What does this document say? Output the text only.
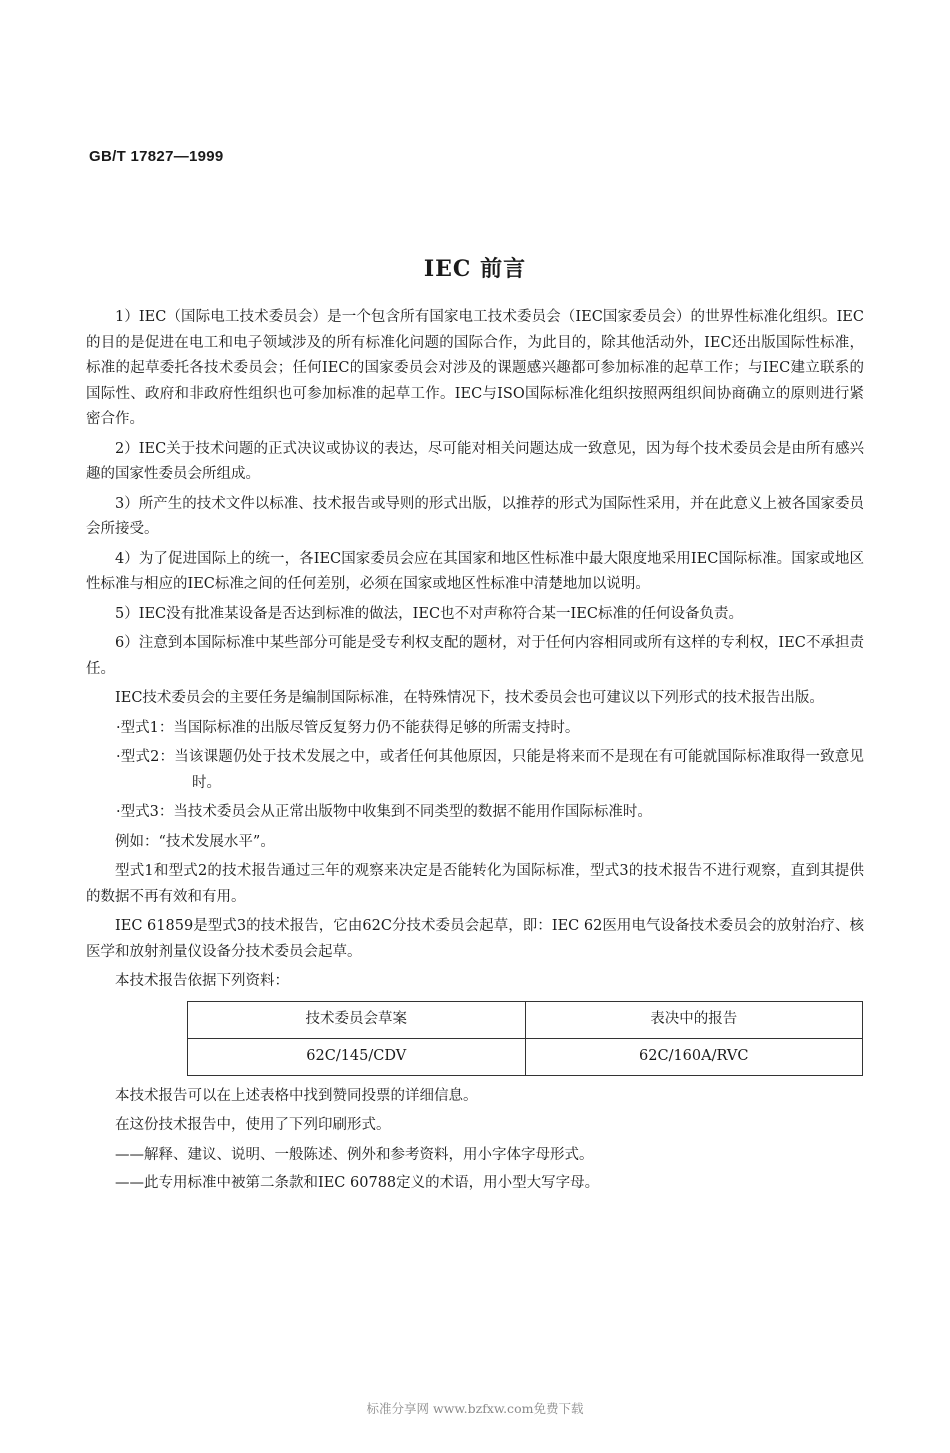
GB/T 17827—1999
IEC 前言

1）IEC（国际电工技术委员会）是一个包含所有国家电工技术委员会（IEC国家委员会）的世界性标准化组织。IEC的目的是促进在电工和电子领域涉及的所有标准化问题的国际合作，为此目的，除其他活动外，IEC还出版国际性标准，标准的起草委托各技术委员会；任何IEC的国家委员会对涉及的课题感兴趣都可参加标准的起草工作；与IEC建立联系的国际性、政府和非政府性组织也可参加标准的起草工作。IEC与ISO国际标准化组织按照两组织间协商确立的原则进行紧密合作。

2）IEC关于技术问题的正式决议或协议的表达，尽可能对相关问题达成一致意见，因为每个技术委员会是由所有感兴趣的国家性委员会所组成。

3）所产生的技术文件以标准、技术报告或导则的形式出版，以推荐的形式为国际性采用，并在此意义上被各国家委员会所接受。

4）为了促进国际上的统一，各IEC国家委员会应在其国家和地区性标准中最大限度地采用IEC国际标准。国家或地区性标准与相应的IEC标准之间的任何差别，必须在国家或地区性标准中清楚地加以说明。

5）IEC没有批准某设备是否达到标准的做法，IEC也不对声称符合某一IEC标准的任何设备负责。

6）注意到本国际标准中某些部分可能是受专利权支配的题材，对于任何内容相同或所有这样的专利权，IEC不承担责任。

IEC技术委员会的主要任务是编制国际标准，在特殊情况下，技术委员会也可建议以下列形式的技术报告出版。

·型式1：当国际标准的出版尽管反复努力仍不能获得足够的所需支持时。
·型式2：当该课题仍处于技术发展之中，或者任何其他原因，只能是将来而不是现在有可能就国际标准取得一致意见时。
·型式3：当技术委员会从正常出版物中收集到不同类型的数据不能用作国际标准时。

例如：“技术发展水平”。

型式1和型式2的技术报告通过三年的观察来决定是否能转化为国际标准，型式3的技术报告不进行观察，直到其提供的数据不再有效和有用。

IEC 61859是型式3的技术报告，它由62C分技术委员会起草，即：IEC 62医用电气设备技术委员会的放射治疗、核医学和放射剂量仪设备分技术委员会起草。

本技术报告依据下列资料：

技术委员会草案	表决中的报告
62C/145/CDV	62C/160A/RVC

本技术报告可以在上述表格中找到赞同投票的详细信息。

在这份技术报告中，使用了下列印刷形式。

——解释、建议、说明、一般陈述、例外和参考资料，用小字体字母形式。
——此专用标准中被第二条款和IEC 60788定义的术语，用小型大写字母。
标准分享网 www.bzfxw.com免费下载
